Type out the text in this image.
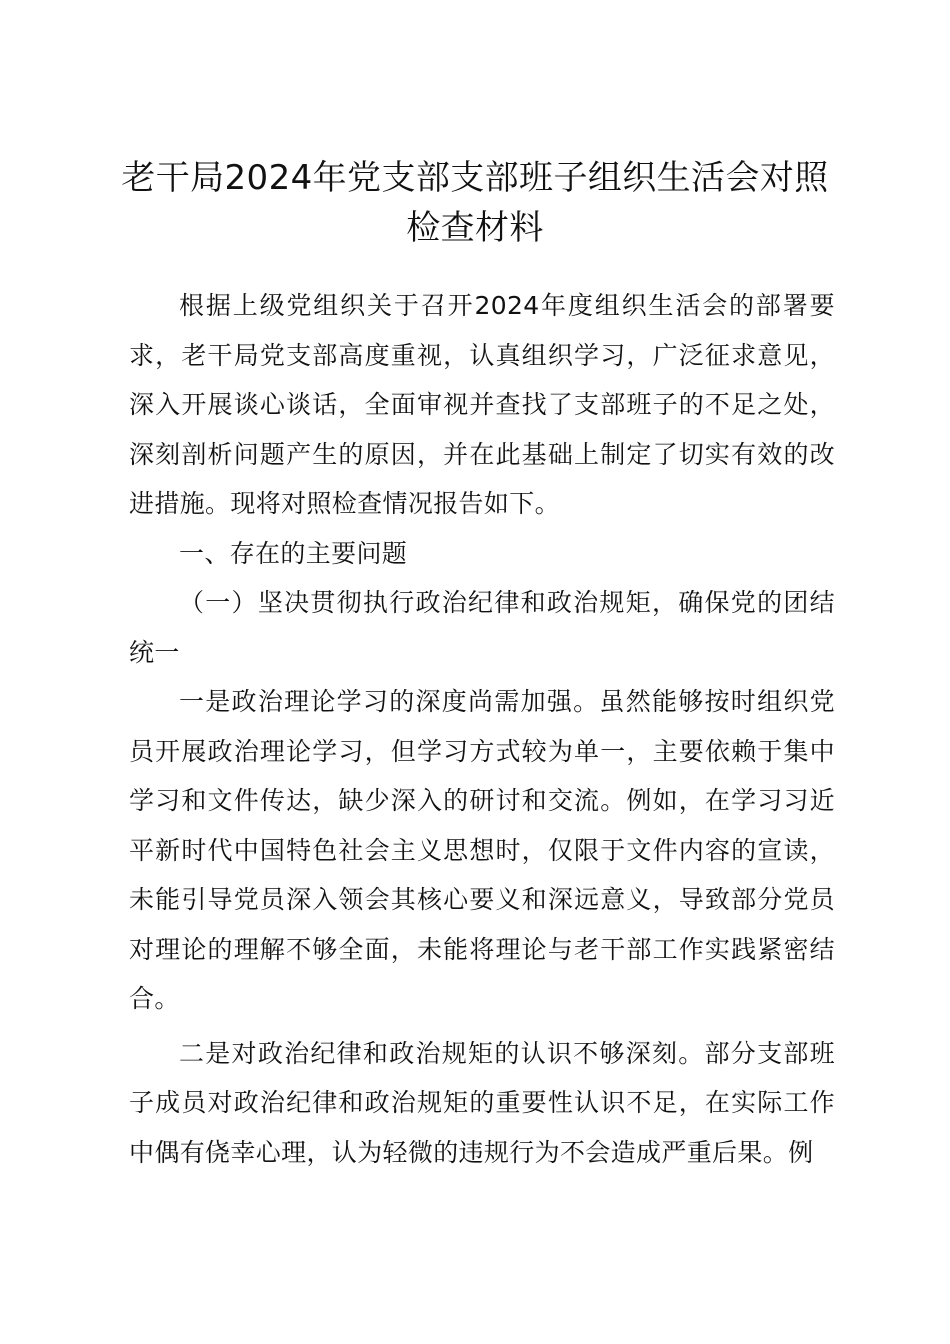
老干局2024年党支部支部班子组织生活会对照检查材料

根据上级党组织关于召开2024年度组织生活会的部署要求，老干局党支部高度重视，认真组织学习，广泛征求意见，深入开展谈心谈话，全面审视并查找了支部班子的不足之处，深刻剖析问题产生的原因，并在此基础上制定了切实有效的改进措施。现将对照检查情况报告如下。

一、存在的主要问题

（一）坚决贯彻执行政治纪律和政治规矩，确保党的团结统一

一是政治理论学习的深度尚需加强。虽然能够按时组织党员开展政治理论学习，但学习方式较为单一，主要依赖于集中学习和文件传达，缺少深入的研讨和交流。例如，在学习习近平新时代中国特色社会主义思想时，仅限于文件内容的宣读，未能引导党员深入领会其核心要义和深远意义，导致部分党员对理论的理解不够全面，未能将理论与老干部工作实践紧密结合。

二是对政治纪律和政治规矩的认识不够深刻。部分支部班子成员对政治纪律和政治规矩的重要性认识不足，在实际工作中偶有侥幸心理，认为轻微的违规行为不会造成严重后果。例
